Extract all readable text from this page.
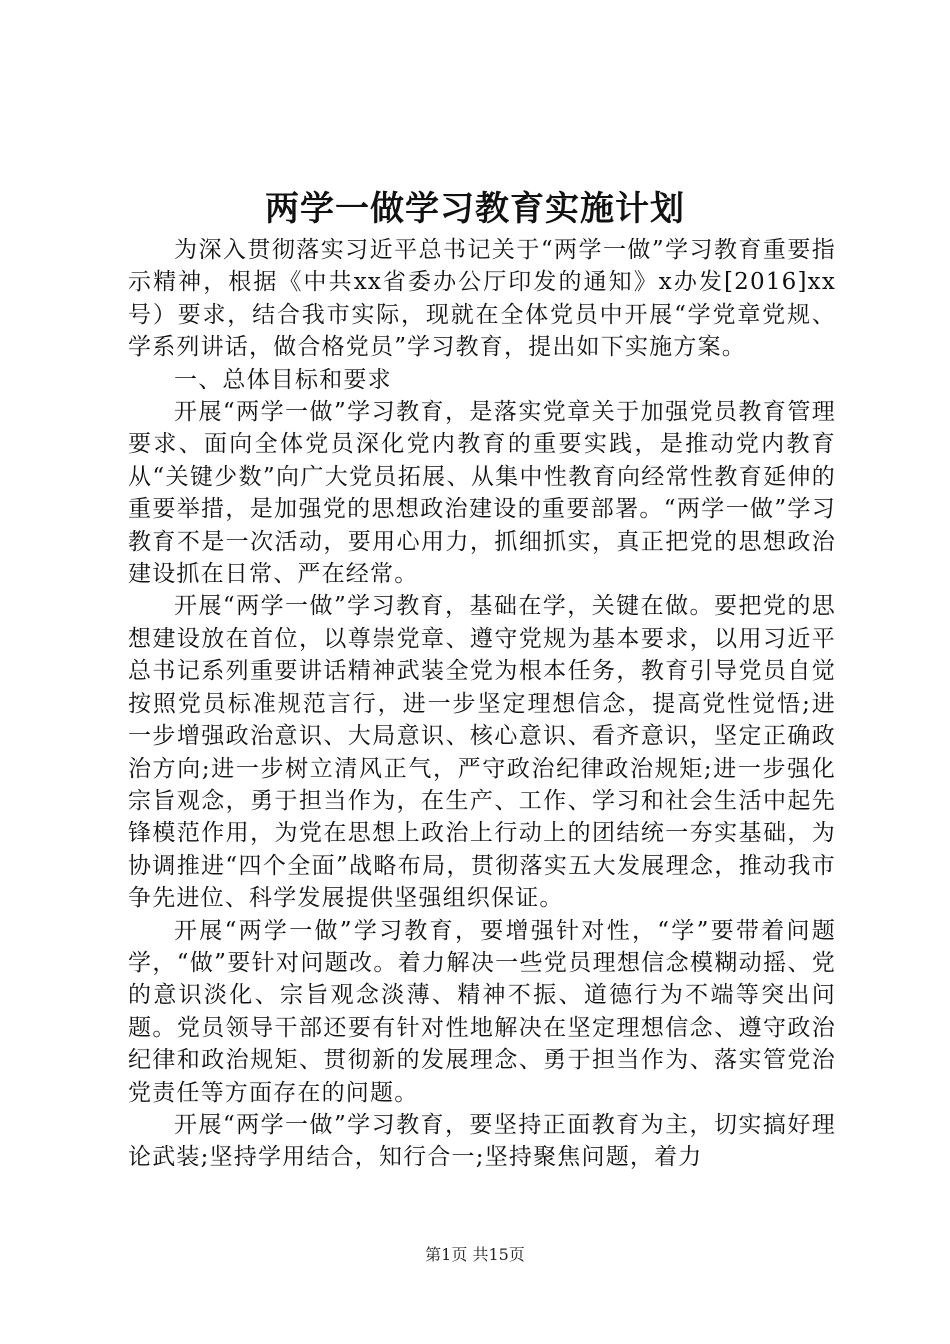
两学一做学习教育实施计划

为深入贯彻落实习近平总书记关于“两学一做”学习教育重要指示精神，根据《中共xx省委办公厅印发的通知》x办发[2016]xx号）要求，结合我市实际，现就在全体党员中开展“学党章党规、学系列讲话，做合格党员”学习教育，提出如下实施方案。

一、总体目标和要求

开展“两学一做”学习教育，是落实党章关于加强党员教育管理要求、面向全体党员深化党内教育的重要实践，是推动党内教育从“关键少数”向广大党员拓展、从集中性教育向经常性教育延伸的重要举措，是加强党的思想政治建设的重要部署。“两学一做”学习教育不是一次活动，要用心用力，抓细抓实，真正把党的思想政治建设抓在日常、严在经常。

开展“两学一做”学习教育，基础在学，关键在做。要把党的思想建设放在首位，以尊崇党章、遵守党规为基本要求，以用习近平总书记系列重要讲话精神武装全党为根本任务，教育引导党员自觉按照党员标准规范言行，进一步坚定理想信念，提高党性觉悟;进一步增强政治意识、大局意识、核心意识、看齐意识，坚定正确政治方向;进一步树立清风正气，严守政治纪律政治规矩;进一步强化宗旨观念，勇于担当作为，在生产、工作、学习和社会生活中起先锋模范作用，为党在思想上政治上行动上的团结统一夯实基础，为协调推进“四个全面”战略布局，贯彻落实五大发展理念，推动我市争先进位、科学发展提供坚强组织保证。

开展“两学一做”学习教育，要增强针对性，“学”要带着问题学，“做”要针对问题改。着力解决一些党员理想信念模糊动摇、党的意识淡化、宗旨观念淡薄、精神不振、道德行为不端等突出问题。党员领导干部还要有针对性地解决在坚定理想信念、遵守政治纪律和政治规矩、贯彻新的发展理念、勇于担当作为、落实管党治党责任等方面存在的问题。

开展“两学一做”学习教育，要坚持正面教育为主，切实搞好理论武装;坚持学用结合，知行合一;坚持聚焦问题，着力

第1页 共15页
